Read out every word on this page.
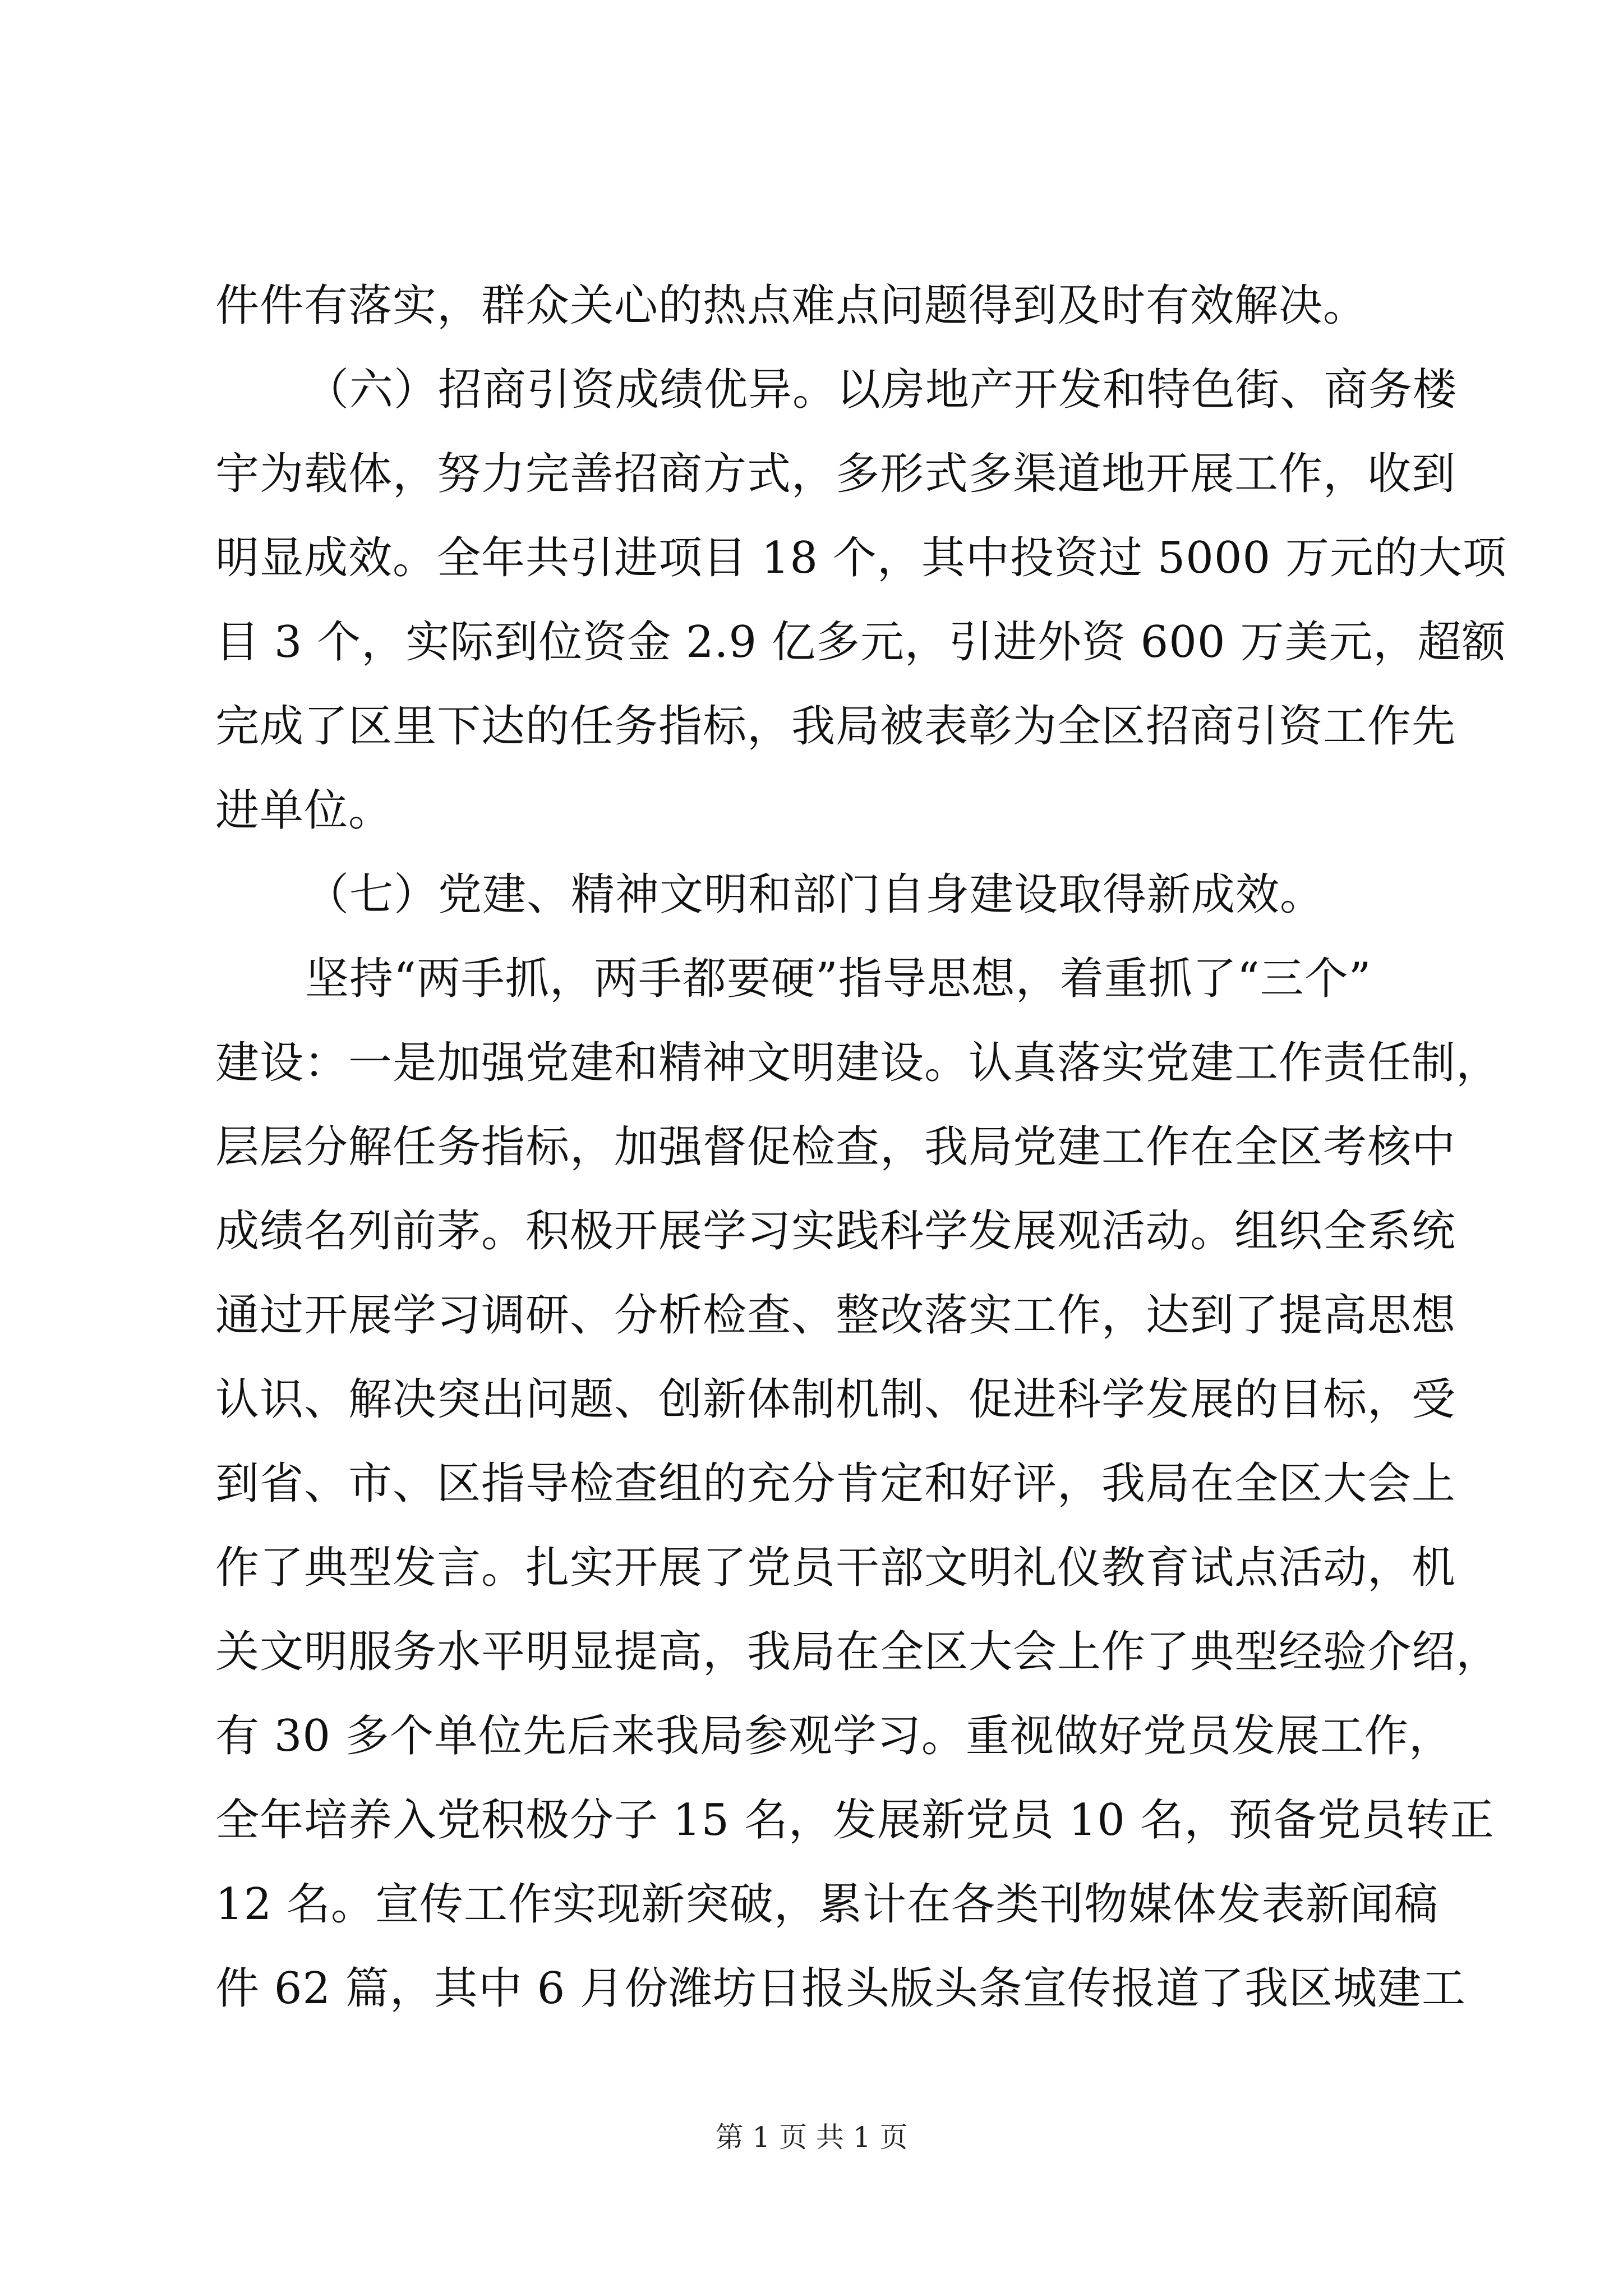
件件有落实，群众关心的热点难点问题得到及时有效解决。
（六）招商引资成绩优异。以房地产开发和特色街、商务楼
宇为载体，努力完善招商方式，多形式多渠道地开展工作，收到
明显成效。全年共引进项目 18 个，其中投资过 5000 万元的大项
目 3 个，实际到位资金 2.9 亿多元，引进外资 600 万美元，超额
完成了区里下达的任务指标，我局被表彰为全区招商引资工作先
进单位。
（七）党建、精神文明和部门自身建设取得新成效。
坚持“两手抓，两手都要硬”指导思想，着重抓了“三个”
建设：一是加强党建和精神文明建设。认真落实党建工作责任制，
层层分解任务指标，加强督促检查，我局党建工作在全区考核中
成绩名列前茅。积极开展学习实践科学发展观活动。组织全系统
通过开展学习调研、分析检查、整改落实工作，达到了提高思想
认识、解决突出问题、创新体制机制、促进科学发展的目标，受
到省、市、区指导检查组的充分肯定和好评，我局在全区大会上
作了典型发言。扎实开展了党员干部文明礼仪教育试点活动，机
关文明服务水平明显提高，我局在全区大会上作了典型经验介绍，
有 30 多个单位先后来我局参观学习。重视做好党员发展工作，
全年培养入党积极分子 15 名，发展新党员 10 名，预备党员转正
12 名。宣传工作实现新突破，累计在各类刊物媒体发表新闻稿
件 62 篇，其中 6 月份潍坊日报头版头条宣传报道了我区城建工
第 1 页 共 1 页
